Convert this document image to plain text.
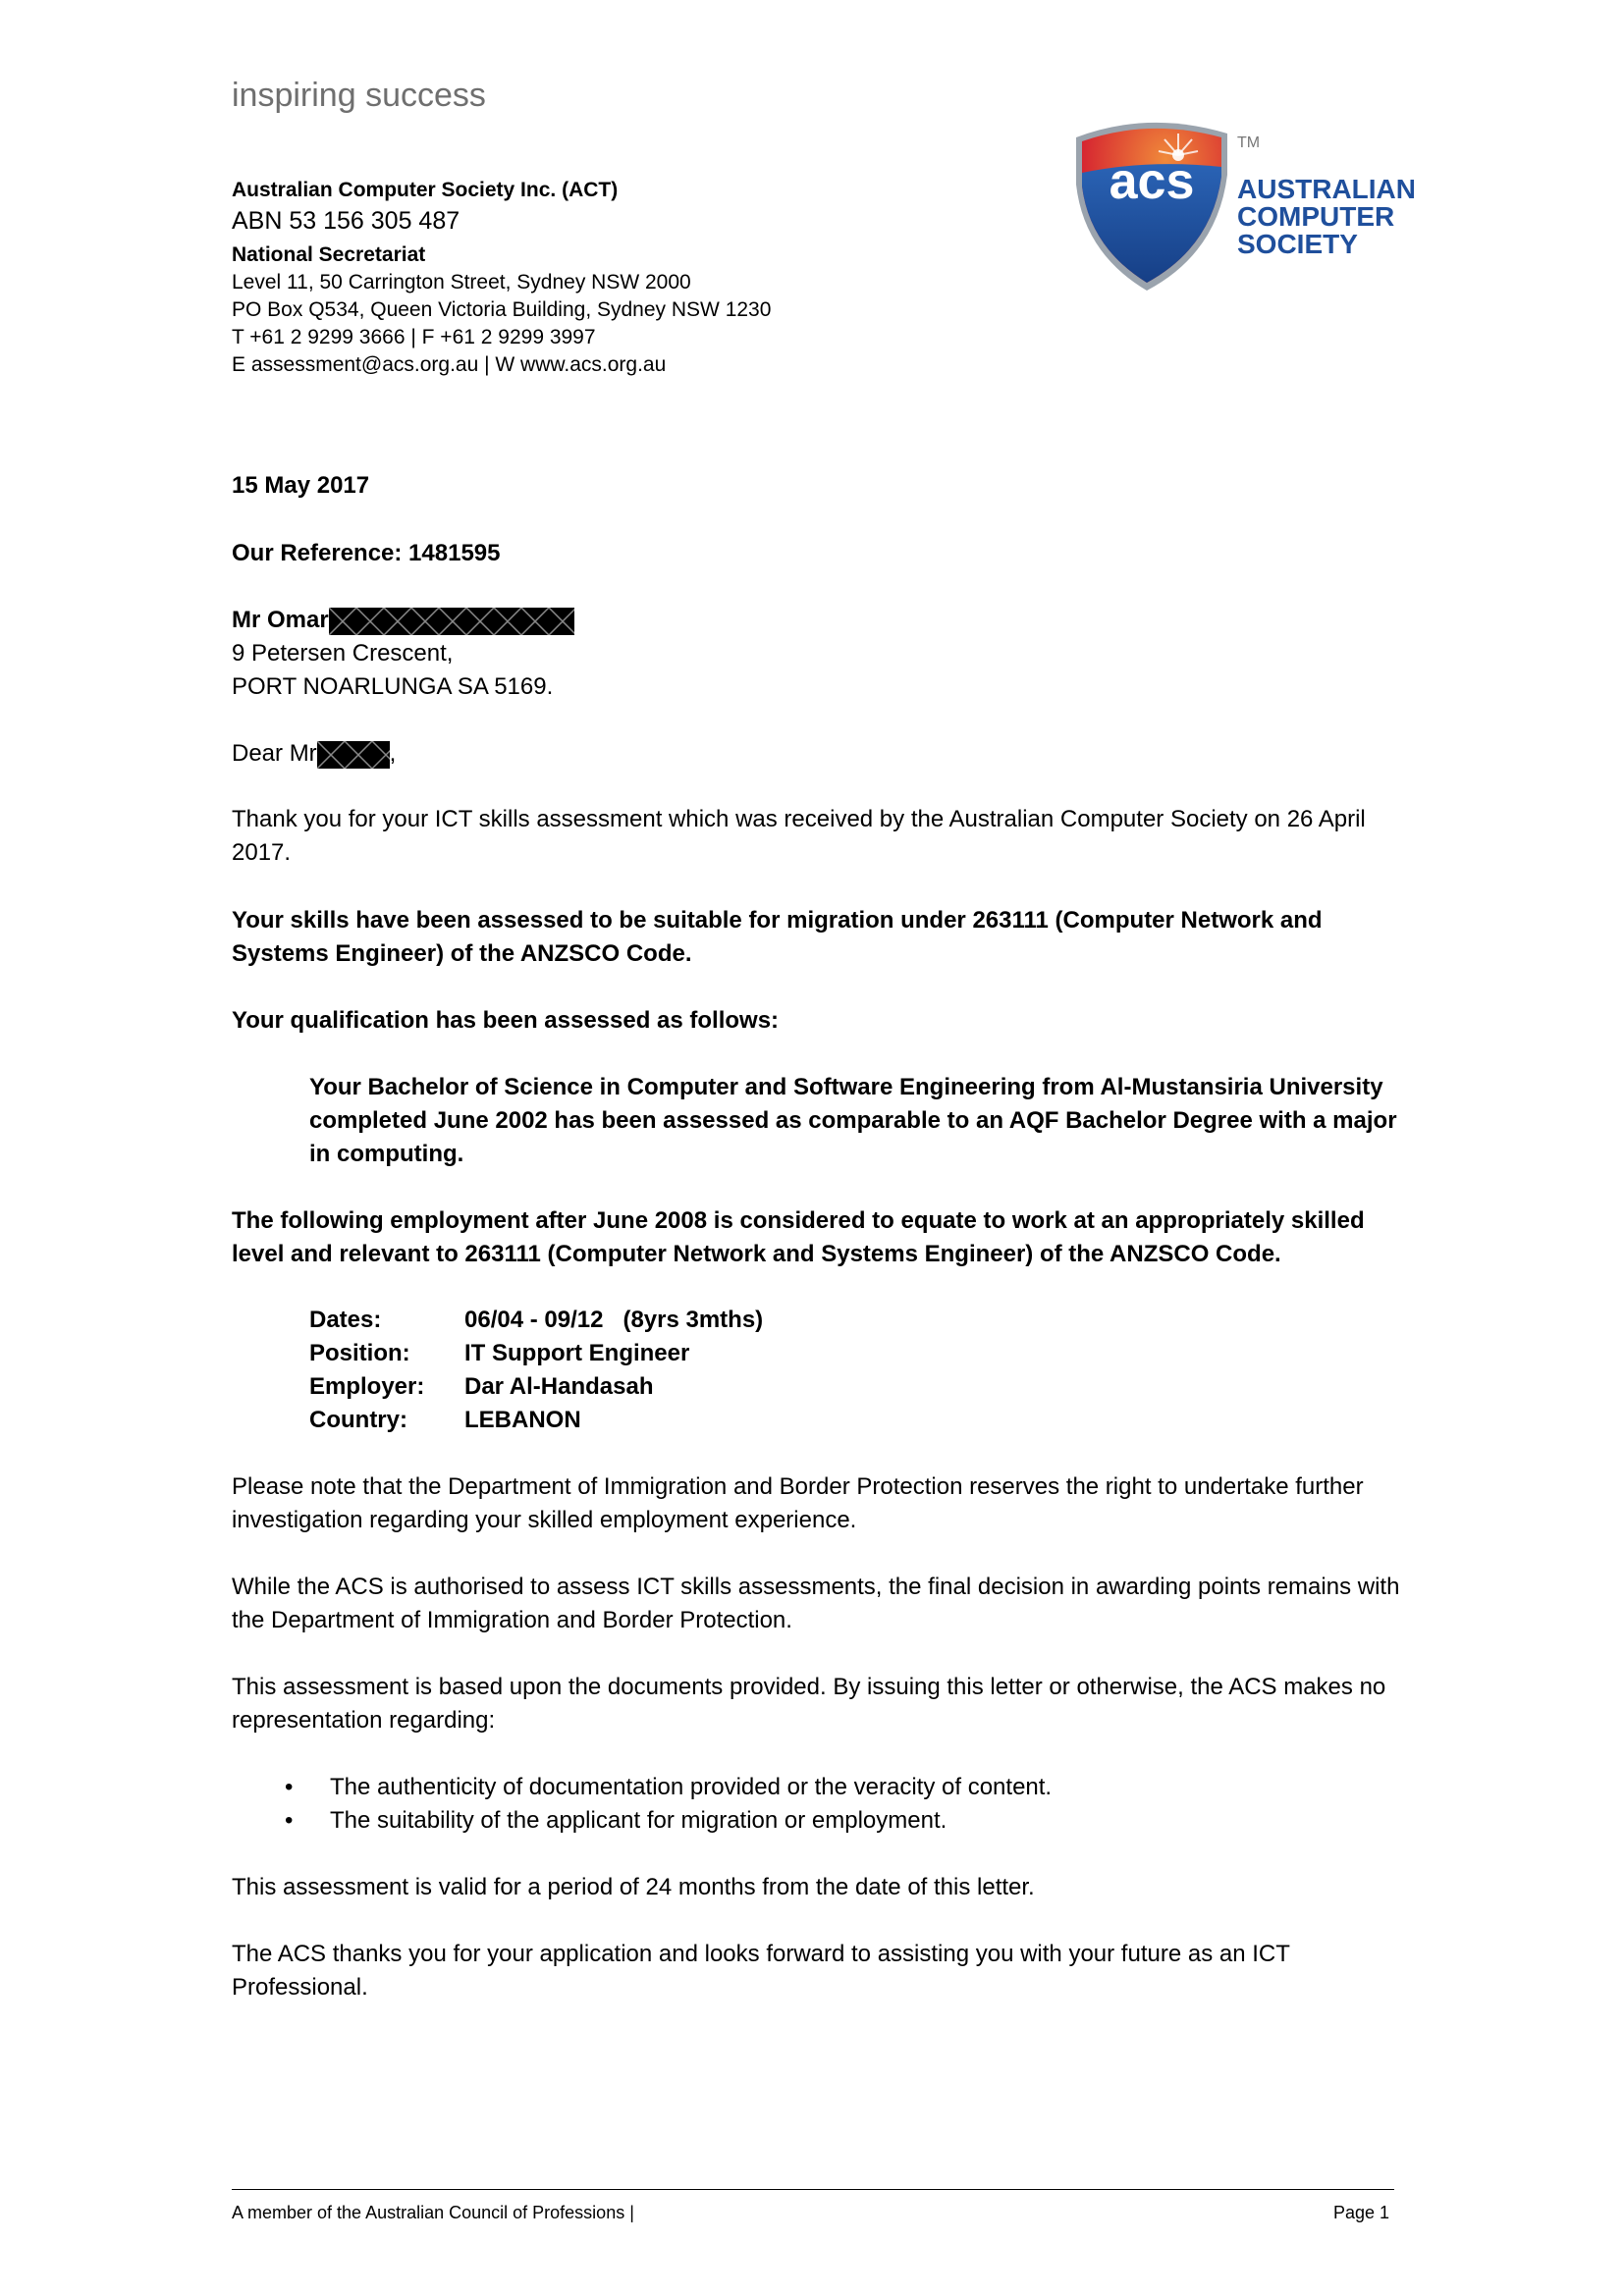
inspiring success
Australian Computer Society Inc. (ACT)
ABN 53 156 305 487
National Secretariat
Level 11, 50 Carrington Street, Sydney NSW 2000
PO Box Q534, Queen Victoria Building, Sydney NSW 1230
T +61 2 9299 3666 | F +61 2 9299 3997
E assessment@acs.org.au | W www.acs.org.au
acs
TM
AUSTRALIAN
COMPUTER
SOCIETY
15 May 2017
Our Reference: 1481595
Mr Omar
9 Petersen Crescent,
PORT NOARLUNGA SA 5169.
Dear Mr	,
Thank you for your ICT skills assessment which was received by the Australian Computer Society on 26 April 2017.
Your skills have been assessed to be suitable for migration under 263111 (Computer Network and Systems Engineer) of the ANZSCO Code.
Your qualification has been assessed as follows:
Your Bachelor of Science in Computer and Software Engineering from Al-Mustansiria University completed June 2002 has been assessed as comparable to an AQF Bachelor Degree with a major in computing.
The following employment after June 2008 is considered to equate to work at an appropriately skilled level and relevant to 263111 (Computer Network and Systems Engineer) of the ANZSCO Code.
Dates:	06/04 - 09/12   (8yrs 3mths)
Position: IT Support Engineer
Employer: Dar Al-Handasah
Country: LEBANON
Please note that the Department of Immigration and Border Protection reserves the right to undertake further investigation regarding your skilled employment experience.
While the ACS is authorised to assess ICT skills assessments, the final decision in awarding points remains with the Department of Immigration and Border Protection.
This assessment is based upon the documents provided. By issuing this letter or otherwise, the ACS makes no representation regarding:
• The authenticity of documentation provided or the veracity of content.
• The suitability of the applicant for migration or employment.
This assessment is valid for a period of 24 months from the date of this letter.
The ACS thanks you for your application and looks forward to assisting you with your future as an ICT Professional.
A member of the Australian Council of Professions |	Page 1
